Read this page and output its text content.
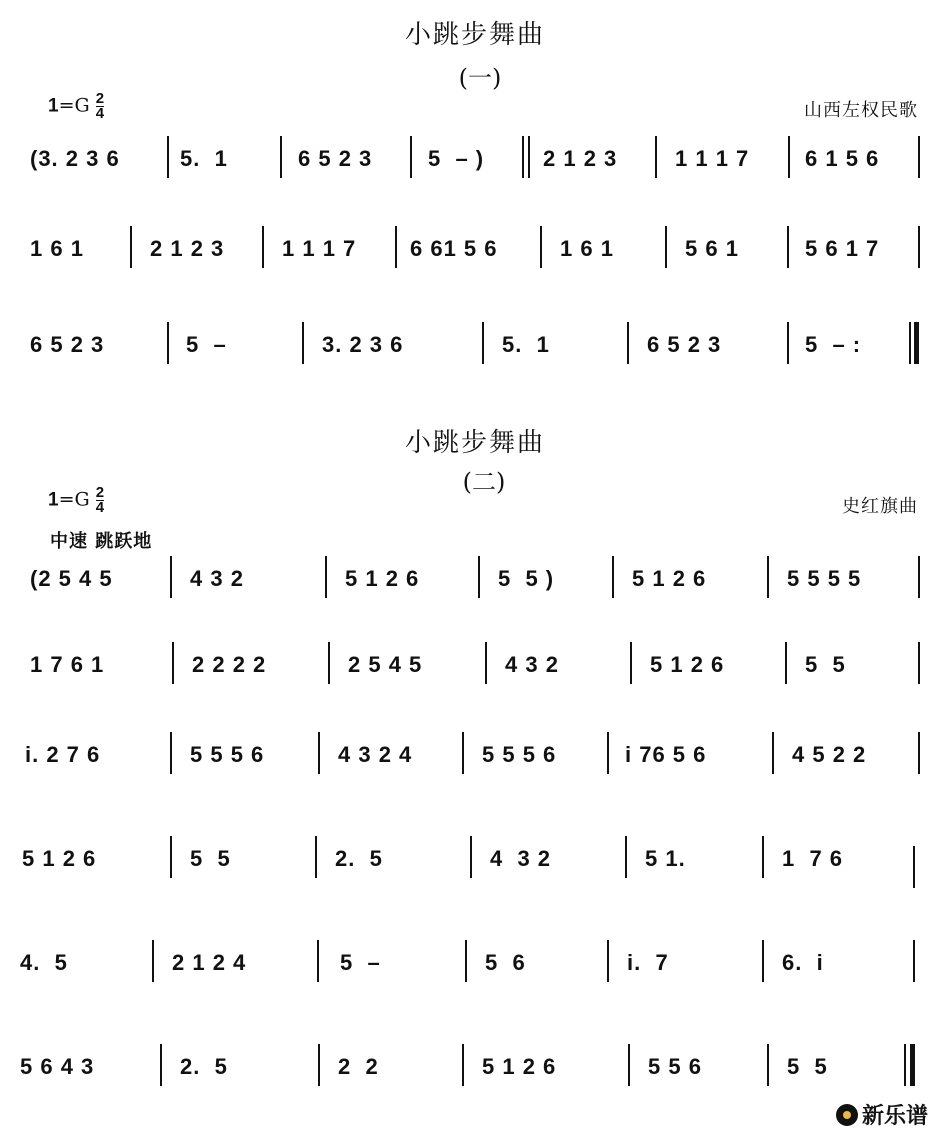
小跳步舞曲
(一)
$1=G \frac{2}{4}$	山西左权民歌
(3. 2 3 6	5.  1	6 5 2 3	5  – )	2 1 2 3	1 1 1 7	6 1 5 6
1 6 1	2 1 2 3	1 1 1 7 6 61 5 6	1 6 1	5 6 1	5 6 1 7
6 5 2 3	5  –	3. 2 3 6	5.  1	6 5 2 3	5  – :
小跳步舞曲
(二)
$1=G \frac{2}{4}$	史红旗曲
中速 跳跃地
(2 5 4 5	4 3 2	5 1 2 6	5  5 )	5 1 2 6	5 5 5 5
1 7 6 1	2 2 2 2	2 5 4 5	4 3 2	5 1 2 6	5  5
i. 2 7 6	5 5 5 6	4 3 2 4	5 5 5 6	i 76 5 6	4 5 2 2
5 1 2 6	5  5	2.  5	4  3 2	5 1.	1  7 6
4.  5	2 1 2 4	5  –	5  6	i.  7	6.  i
5 6 4 3	2.  5	2  2	5 1 2 6	5 5 6	5  5
新乐谱
